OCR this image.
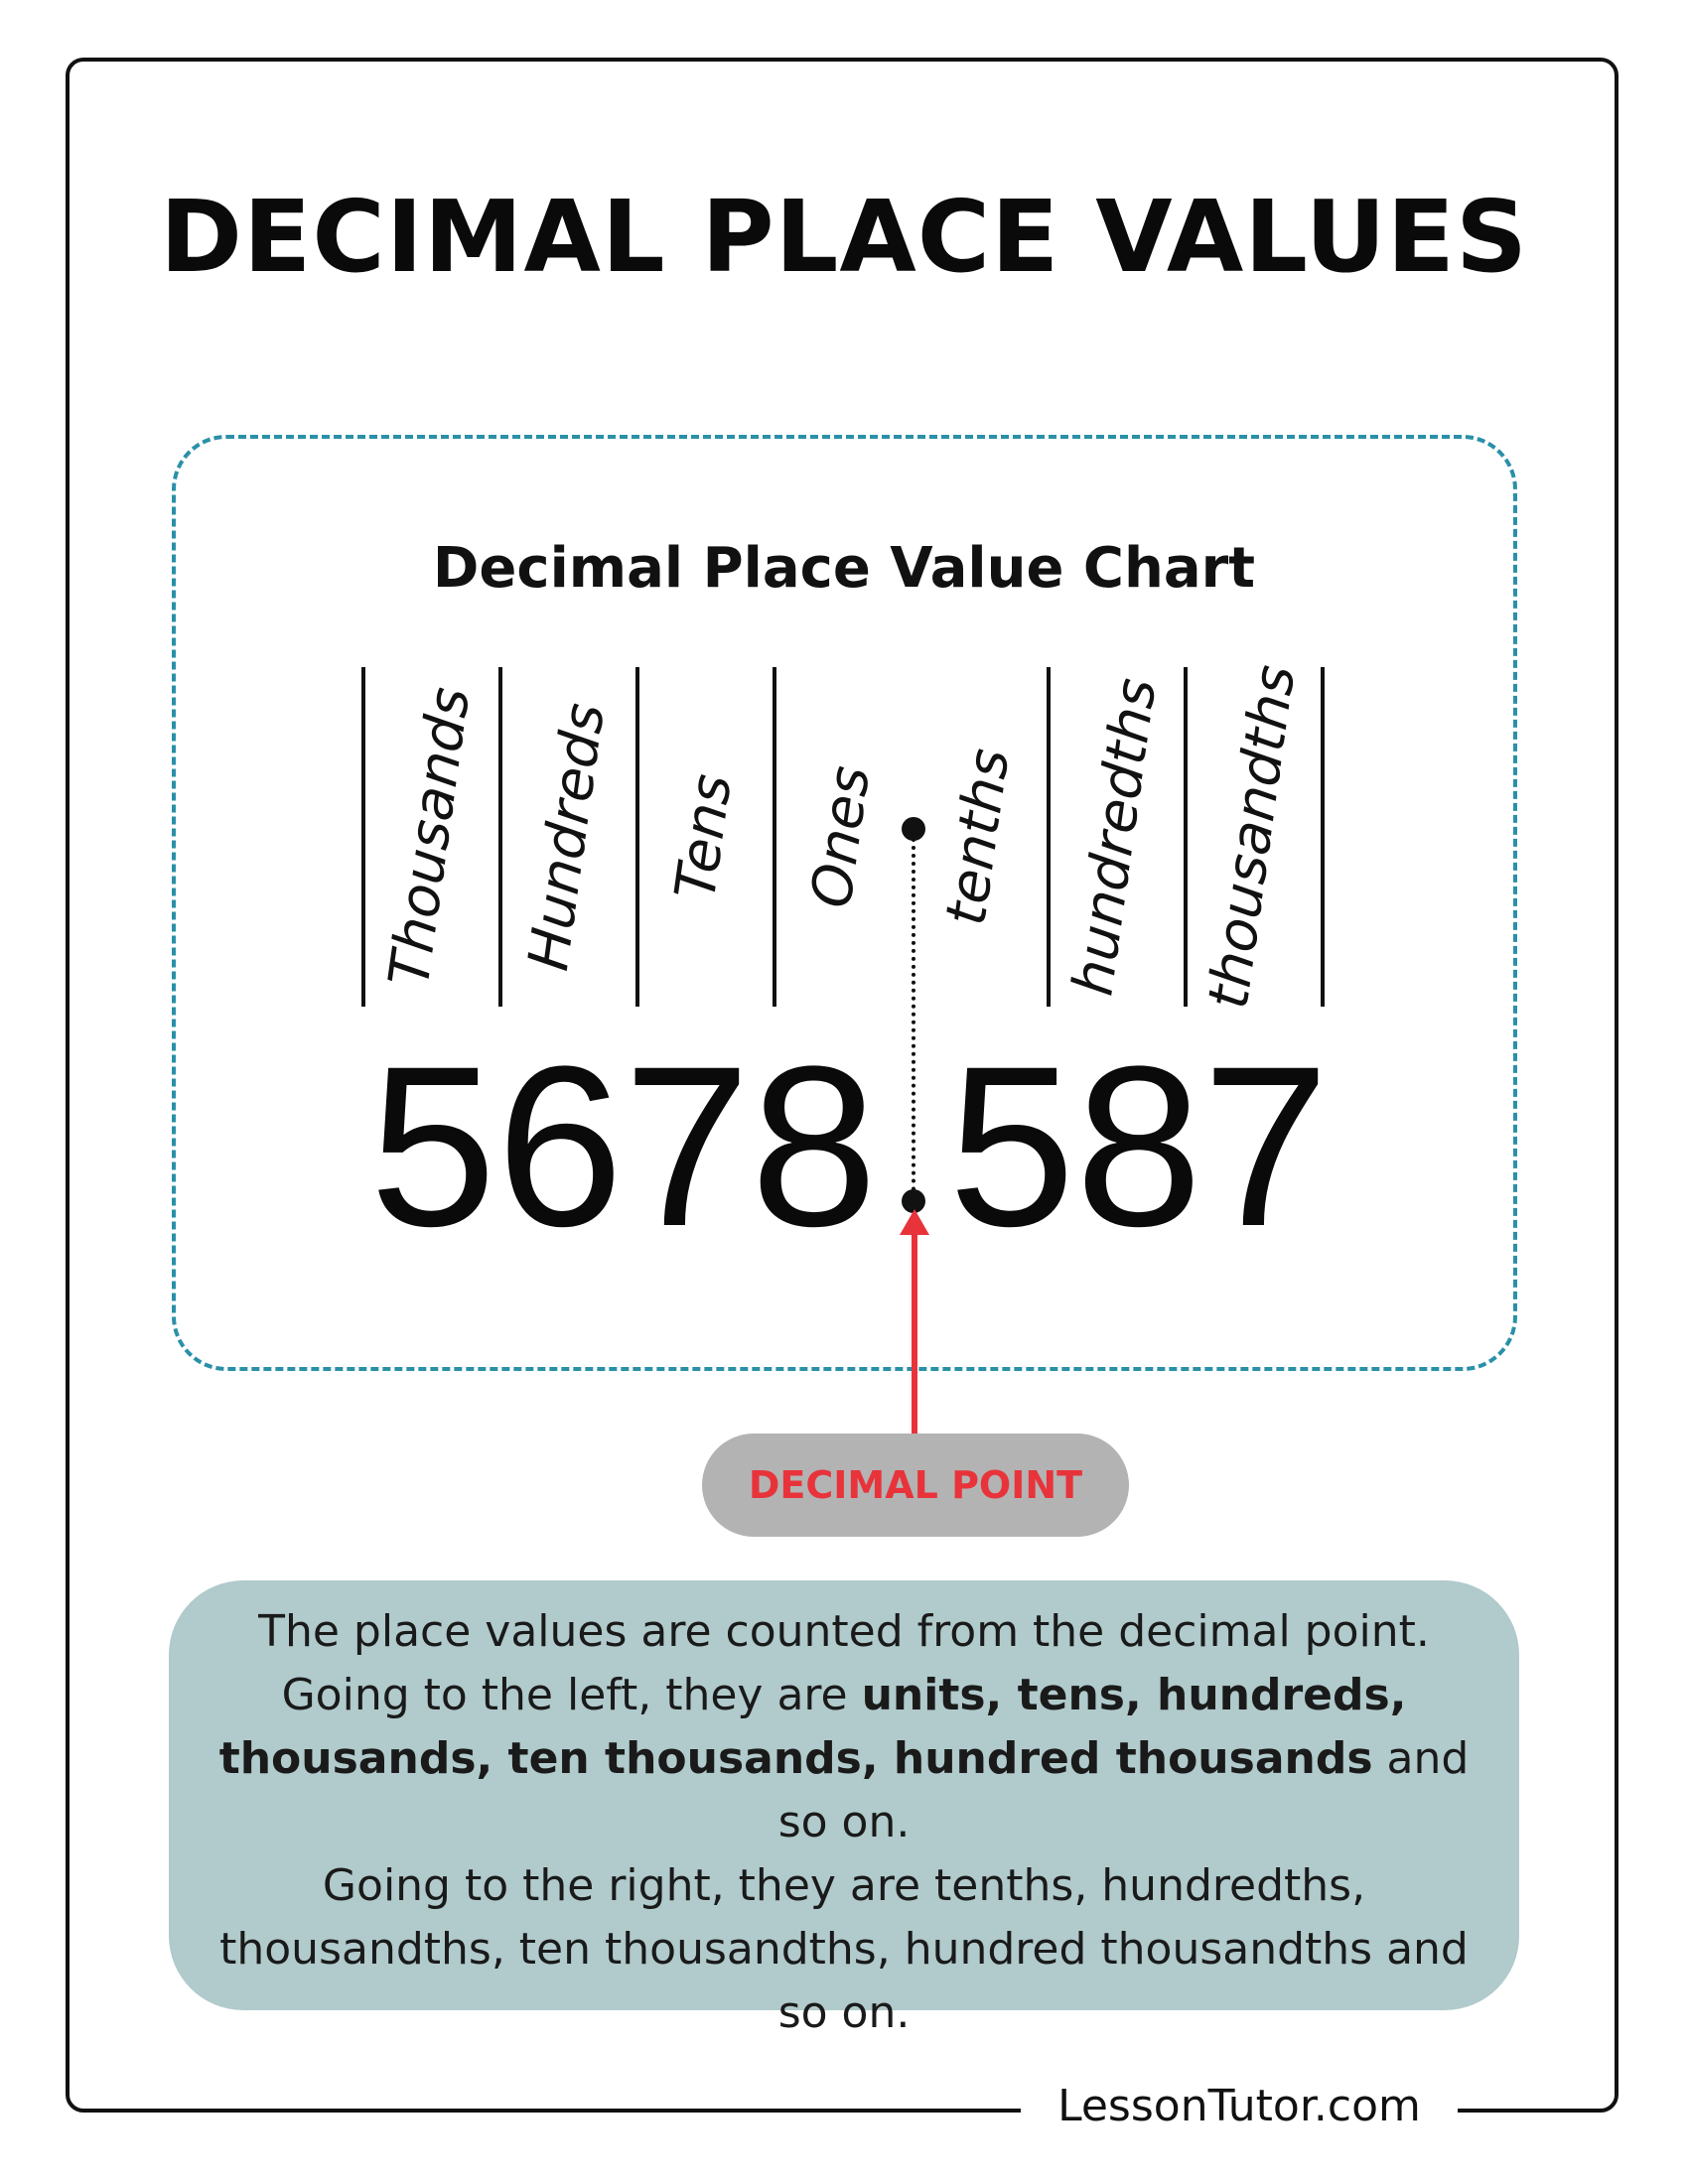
DECIMAL PLACE VALUES
Decimal Place Value Chart
Thousands Hundreds Tens Ones tenths hundredths thousandths
5678 587
DECIMAL POINT
The place values are counted from the decimal point.
Going to the left, they are units, tens, hundreds,
thousands, ten thousands, hundred thousands and so on.
Going to the right, they are tenths, hundredths,
thousandths, ten thousandths, hundred thousandths and
so on.
LessonTutor.com
